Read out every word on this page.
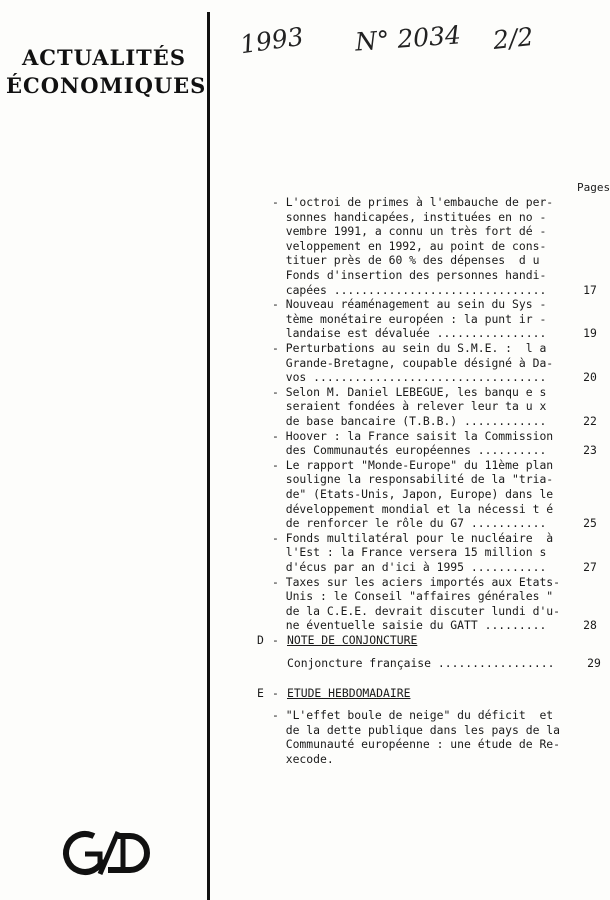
ACTUALITÉS
ÉCONOMIQUES
1993 N° 2034 2/2
Pages
- L'octroi de primes à l'embauche de per-
sonnes handicapées, instituées en no -
vembre 1991, a connu un très fort dé -
veloppement en 1992, au point de cons-
tituer près de 60 % des dépenses  d u
Fonds d'insertion des personnes handi-
capées ...............................	17
- Nouveau réaménagement au sein du Sys -
tème monétaire européen : la punt ir -
landaise est dévaluée ................	19
- Perturbations au sein du S.M.E. :  l a
Grande-Bretagne, coupable désigné à Da-
vos ..................................	20
- Selon M. Daniel LEBEGUE, les banqu e s
seraient fondées à relever leur ta u x
de base bancaire (T.B.B.) ............	22
- Hoover : la France saisit la Commission
des Communautés européennes ..........	23
- Le rapport "Monde-Europe" du 11ème plan
souligne la responsabilité de la "tria-
de" (Etats-Unis, Japon, Europe) dans le
développement mondial et la nécessi t é
de renforcer le rôle du G7 ...........	25
- Fonds multilatéral pour le nucléaire  à
l'Est : la France versera 15 million s
d'écus par an d'ici à 1995 ...........	27
- Taxes sur les aciers importés aux Etats-
Unis : le Conseil "affaires générales "
de la C.E.E. devrait discuter lundi d'u-
ne éventuelle saisie du GATT .........	28
D - NOTE DE CONJONCTURE
Conjoncture française .................	29
E - ETUDE HEBDOMADAIRE
- "L'effet boule de neige" du déficit  et
de la dette publique dans les pays de la
Communauté européenne : une étude de Re-
xecode.
